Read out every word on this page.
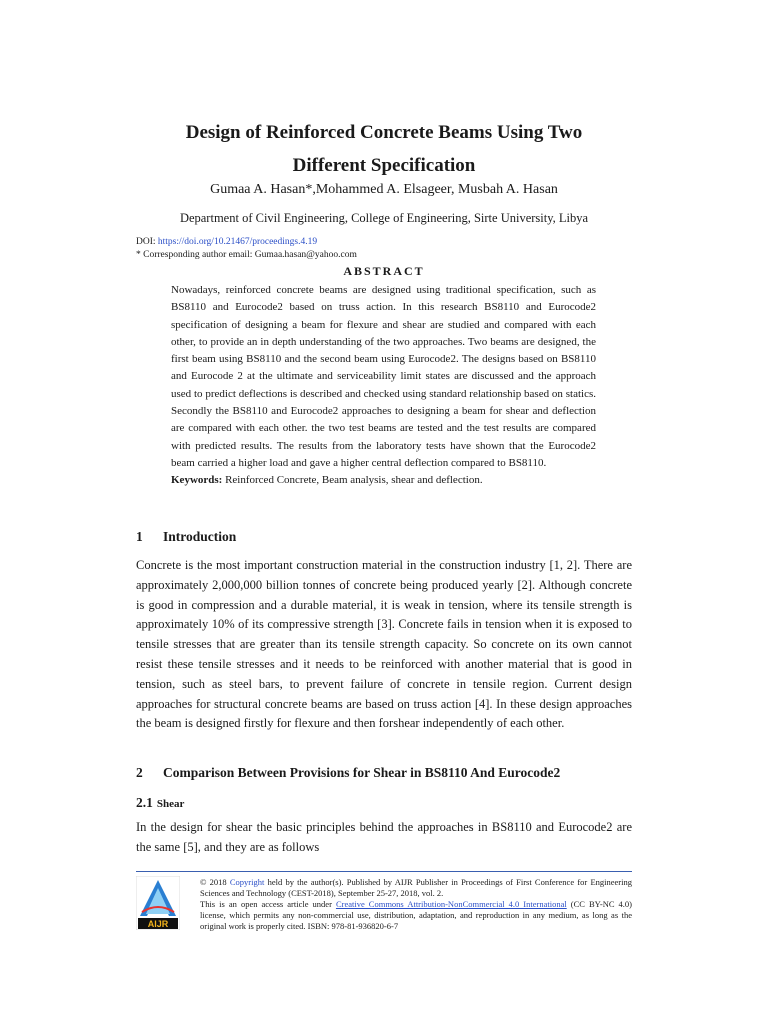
Design of Reinforced Concrete Beams Using Two
Different Specification
Gumaa A. Hasan*,Mohammed A. Elsageer, Musbah A. Hasan
Department of Civil Engineering, College of Engineering, Sirte University, Libya
DOI: https://doi.org/10.21467/proceedings.4.19
* Corresponding author email: Gumaa.hasan@yahoo.com
ABSTRACT

Nowadays, reinforced concrete beams are designed using traditional specification, such as BS8110 and Eurocode2 based on truss action. In this research BS8110 and Eurocode2 specification of designing a beam for flexure and shear are studied and compared with each other, to provide an in depth understanding of the two approaches. Two beams are designed, the first beam using BS8110 and the second beam using Eurocode2. The designs based on BS8110 and Eurocode 2 at the ultimate and serviceability limit states are discussed and the approach used to predict deflections is described and checked using standard relationship based on statics. Secondly the BS8110 and Eurocode2 approaches to designing a beam for shear and deflection are compared with each other. the two test beams are tested and the test results are compared with predicted results. The results from the laboratory tests have shown that the Eurocode2 beam carried a higher load and gave a higher central deflection compared to BS8110.

Keywords: Reinforced Concrete, Beam analysis, shear and deflection.

1 Introduction

Concrete is the most important construction material in the construction industry [1, 2]. There are approximately 2,000,000 billion tonnes of concrete being produced yearly [2]. Although concrete is good in compression and a durable material, it is weak in tension, where its tensile strength is approximately 10% of its compressive strength [3]. Concrete fails in tension when it is exposed to tensile stresses that are greater than its tensile strength capacity. So concrete on its own cannot resist these tensile stresses and it needs to be reinforced with another material that is good in tension, such as steel bars, to prevent failure of concrete in tensile region. Current design approaches for structural concrete beams are based on truss action [4]. In these design approaches the beam is designed firstly for flexure and then forshear independently of each other.

2 Comparison Between Provisions for Shear in BS8110 And Eurocode2
2.1 Shear

In the design for shear the basic principles behind the approaches in BS8110 and Eurocode2 are the same [5], and they are as follows

AIJR

© 2018 Copyright held by the author(s). Published by AIJR Publisher in Proceedings of First Conference for Engineering Sciences and Technology (CEST-2018), September 25-27, 2018, vol. 2.

This is an open access article under Creative Commons Attribution-NonCommercial 4.0 International (CC BY-NC 4.0) license, which permits any non-commercial use, distribution, adaptation, and reproduction in any medium, as long as the original work is properly cited. ISBN: 978-81-936820-6-7
